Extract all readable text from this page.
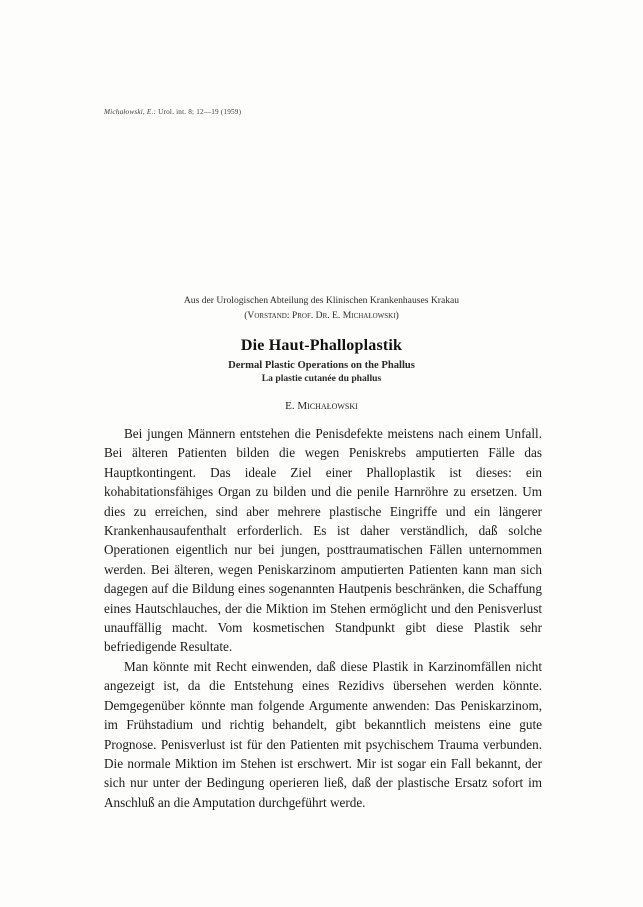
Michałowski, E.: Urol. int. 8; 12—19 (1959)
Aus der Urologischen Abteilung des Klinischen Krankenhauses Krakau
(Vorstand: Prof. Dr. E. Michałowski)
Die Haut-Phalloplastik
Dermal Plastic Operations on the Phallus
La plastie cutanée du phallus
E. Michałowski

Bei jungen Männern entstehen die Penisdefekte meistens nach einem Unfall. Bei älteren Patienten bilden die wegen Peniskrebs amputierten Fälle das Hauptkontingent. Das ideale Ziel einer Phalloplastik ist dieses: ein kohabitationsfähiges Organ zu bilden und die penile Harnröhre zu ersetzen. Um dies zu erreichen, sind aber mehrere plastische Eingriffe und ein längerer Krankenhausaufenthalt erforderlich. Es ist daher verständlich, daß solche Operationen eigentlich nur bei jungen, posttraumatischen Fällen unternommen werden. Bei älteren, wegen Peniskarzinom amputierten Patienten kann man sich dagegen auf die Bildung eines sogenannten Hautpenis beschränken, die Schaffung eines Hautschlauches, der die Miktion im Stehen ermöglicht und den Penisverlust unauffällig macht. Vom kosmetischen Standpunkt gibt diese Plastik sehr befriedigende Resultate.

Man könnte mit Recht einwenden, daß diese Plastik in Karzinomfällen nicht angezeigt ist, da die Entstehung eines Rezidivs übersehen werden könnte. Demgegenüber könnte man folgende Argumente anwenden: Das Peniskarzinom, im Frühstadium und richtig behandelt, gibt bekanntlich meistens eine gute Prognose. Penisverlust ist für den Patienten mit psychischem Trauma verbunden. Die normale Miktion im Stehen ist erschwert. Mir ist sogar ein Fall bekannt, der sich nur unter der Bedingung operieren ließ, daß der plastische Ersatz sofort im Anschluß an die Amputation durchgeführt werde.
